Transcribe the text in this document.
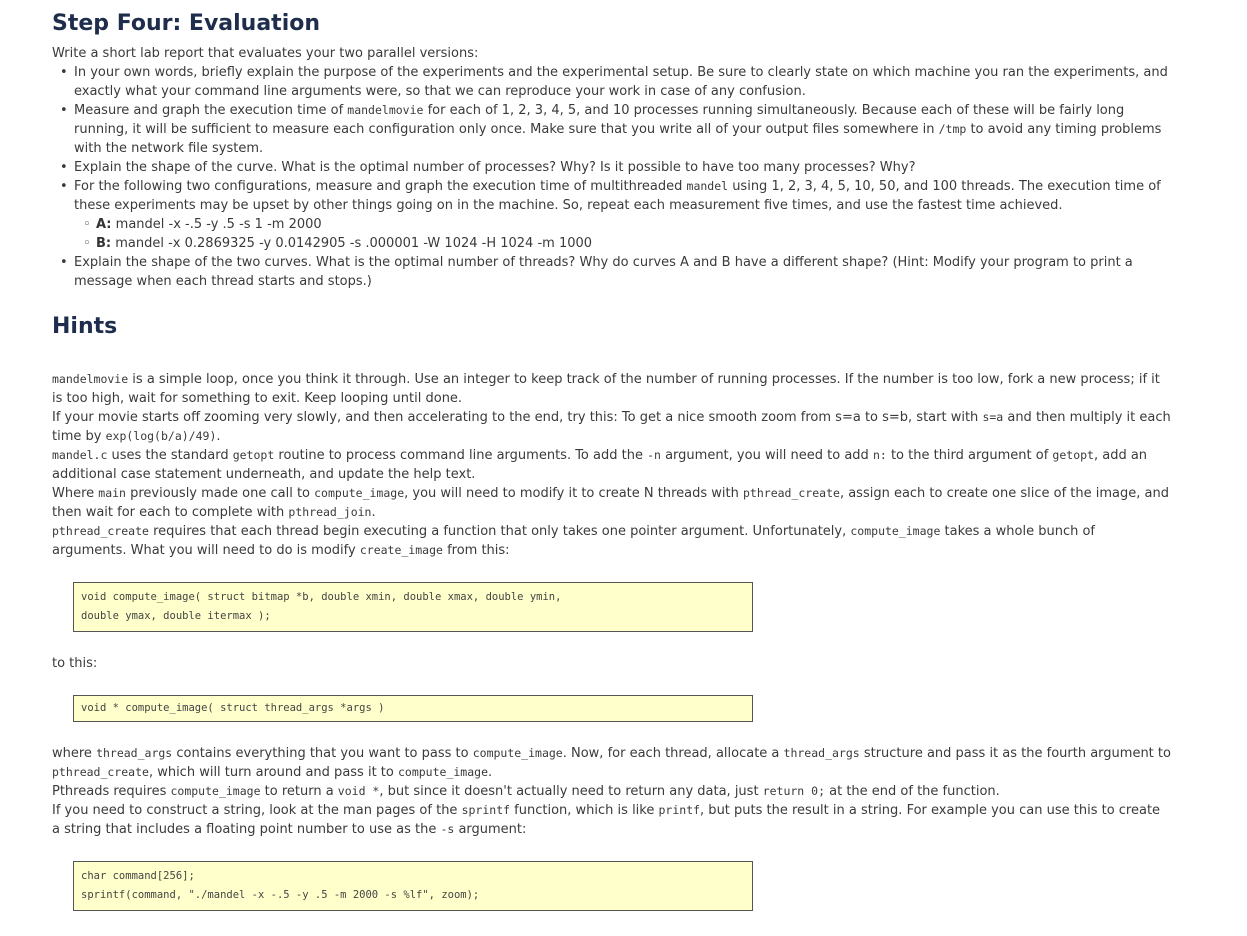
Step Four: Evaluation

Write a short lab report that evaluates your two parallel versions:

• In your own words, briefly explain the purpose of the experiments and the experimental setup. Be sure to clearly state on which machine you ran the experiments, and exactly what your command line arguments were, so that we can reproduce your work in case of any confusion.
• Measure and graph the execution time of mandelmovie for each of 1, 2, 3, 4, 5, and 10 processes running simultaneously. Because each of these will be fairly long running, it will be sufficient to measure each configuration only once. Make sure that you write all of your output files somewhere in /tmp to avoid any timing problems with the network file system.
• Explain the shape of the curve. What is the optimal number of processes? Why? Is it possible to have too many processes? Why?
• For the following two configurations, measure and graph the execution time of multithreaded mandel using 1, 2, 3, 4, 5, 10, 50, and 100 threads. The execution time of these experiments may be upset by other things going on in the machine. So, repeat each measurement five times, and use the fastest time achieved.
◦ A: mandel -x -.5 -y .5 -s 1 -m 2000
◦ B: mandel -x 0.2869325 -y 0.0142905 -s .000001 -W 1024 -H 1024 -m 1000
• Explain the shape of the two curves. What is the optimal number of threads? Why do curves A and B have a different shape? (Hint: Modify your program to print a message when each thread starts and stops.)
Hints

mandelmovie is a simple loop, once you think it through. Use an integer to keep track of the number of running processes. If the number is too low, fork a new process; if it is too high, wait for something to exit. Keep looping until done.

If your movie starts off zooming very slowly, and then accelerating to the end, try this: To get a nice smooth zoom from s=a to s=b, start with s=a and then multiply it each time by exp(log(b/a)/49).

mandel.c uses the standard getopt routine to process command line arguments. To add the -n argument, you will need to add n: to the third argument of getopt, add an additional case statement underneath, and update the help text.

Where main previously made one call to compute_image, you will need to modify it to create N threads with pthread_create, assign each to create one slice of the image, and then wait for each to complete with pthread_join.

pthread_create requires that each thread begin executing a function that only takes one pointer argument. Unfortunately, compute_image takes a whole bunch of arguments. What you will need to do is modify create_image from this:

void compute_image( struct bitmap *b, double xmin, double xmax, double ymin,
double ymax, double itermax );

to this:

void * compute_image( struct thread_args *args )

where thread_args contains everything that you want to pass to compute_image. Now, for each thread, allocate a thread_args structure and pass it as the fourth argument to pthread_create, which will turn around and pass it to compute_image.

Pthreads requires compute_image to return a void *, but since it doesn't actually need to return any data, just return 0; at the end of the function.

If you need to construct a string, look at the man pages of the sprintf function, which is like printf, but puts the result in a string. For example you can use this to create a string that includes a floating point number to use as the -s argument:

char command[256];
sprintf(command, "./mandel -x -.5 -y .5 -m 2000 -s %lf", zoom);
